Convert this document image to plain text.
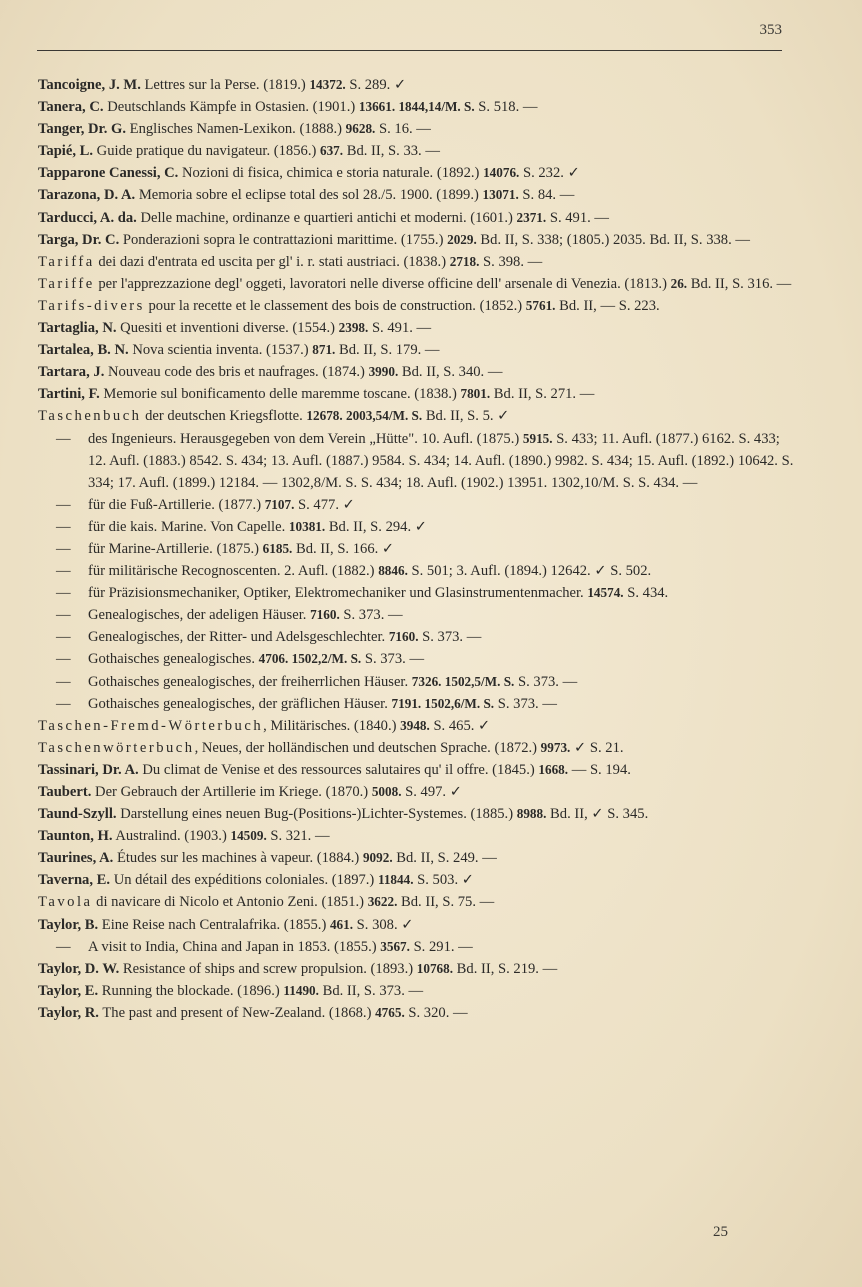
353

Tancoigne, J. M. Lettres sur la Perse. (1819.) 14372. S. 289. ✓

Tanera, C. Deutschlands Kämpfe in Ostasien. (1901.) 13661. 1844,14/M. S. S. 518. —

Tanger, Dr. G. Englisches Namen-Lexikon. (1888.) 9628. S. 16. —

Tapié, L. Guide pratique du navigateur. (1856.) 637. Bd. II, S. 33. —

Tapparone Canessi, C. Nozioni di fisica, chimica e storia naturale. (1892.) 14076. S. 232. ✓

Tarazona, D. A. Memoria sobre el eclipse total des sol 28./5. 1900. (1899.) 13071. S. 84. —

Tarducci, A. da. Delle machine, ordinanze e quartieri antichi et moderni. (1601.) 2371. S. 491. —

Targa, Dr. C. Ponderazioni sopra le contrattazioni marittime. (1755.) 2029. Bd. II, S. 338; (1805.) 2035. Bd. II, S. 338. —

Tariffa dei dazi d'entrata ed uscita per gl' i. r. stati austriaci. (1838.) 2718. S. 398. —

Tariffe per l'apprezzazione degl' oggeti, lavoratori nelle diverse officine dell' arsenale di Venezia. (1813.) 26. Bd. II, S. 316. —

Tarifs-divers pour la recette et le classement des bois de construction. (1852.) 5761. Bd. II, — S. 223.

Tartaglia, N. Quesiti et inventioni diverse. (1554.) 2398. S. 491. —

Tartalea, B. N. Nova scientia inventa. (1537.) 871. Bd. II, S. 179. —

Tartara, J. Nouveau code des bris et naufrages. (1874.) 3990. Bd. II, S. 340. —

Tartini, F. Memorie sul bonificamento delle maremme toscane. (1838.) 7801. Bd. II, S. 271. —

Taschenbuch der deutschen Kriegsflotte. 12678. 2003,54/M. S. Bd. II, S. 5. ✓

— des Ingenieurs. Herausgegeben von dem Verein „Hütte". 10. Aufl. (1875.) 5915. S. 433; 11. Aufl. (1877.) 6162. S. 433; 12. Aufl. (1883.) 8542. S. 434; 13. Aufl. (1887.) 9584. S. 434; 14. Aufl. (1890.) 9982. S. 434; 15. Aufl. (1892.) 10642. S. 334; 17. Aufl. (1899.) 12184. — 1302,8/M. S. S. 434; 18. Aufl. (1902.) 13951. 1302,10/M. S. S. 434. —

— für die Fuß-Artillerie. (1877.) 7107. S. 477. ✓

— für die kais. Marine. Von Capelle. 10381. Bd. II, S. 294. ✓

— für Marine-Artillerie. (1875.) 6185. Bd. II, S. 166. ✓

— für militärische Recognoscenten. 2. Aufl. (1882.) 8846. S. 501; 3. Aufl. (1894.) 12642. ✓ S. 502.

— für Präzisionsmechaniker, Optiker, Elektromechaniker und Glasinstrumentenmacher. 14574. S. 434.

— Genealogisches, der adeligen Häuser. 7160. S. 373. —

— Genealogisches, der Ritter- und Adelsgeschlechter. 7160. S. 373. —

— Gothaisches genealogisches. 4706. 1502,2/M. S. S. 373. —

— Gothaisches genealogisches, der freiherrlichen Häuser. 7326. 1502,5/M. S. S. 373. —

— Gothaisches genealogisches, der gräflichen Häuser. 7191. 1502,6/M. S. S. 373. —

Taschen-Fremd-Wörterbuch, Militärisches. (1840.) 3948. S. 465. ✓

Taschenwörterbuch, Neues, der holländischen und deutschen Sprache. (1872.) 9973. ✓ S. 21.

Tassinari, Dr. A. Du climat de Venise et des ressources salutaires qu' il offre. (1845.) 1668. — S. 194.

Taubert. Der Gebrauch der Artillerie im Kriege. (1870.) 5008. S. 497. ✓

Taund-Szyll. Darstellung eines neuen Bug-(Positions-)Lichter-Systemes. (1885.) 8988. Bd. II, ✓ S. 345.

Taunton, H. Australind. (1903.) 14509. S. 321. —

Taurines, A. Études sur les machines à vapeur. (1884.) 9092. Bd. II, S. 249. —

Taverna, E. Un détail des expéditions coloniales. (1897.) 11844. S. 503. ✓

Tavola di navicare di Nicolo et Antonio Zeni. (1851.) 3622. Bd. II, S. 75. —

Taylor, B. Eine Reise nach Centralafrika. (1855.) 461. S. 308. ✓

— A visit to India, China and Japan in 1853. (1855.) 3567. S. 291. —

Taylor, D. W. Resistance of ships and screw propulsion. (1893.) 10768. Bd. II, S. 219. —

Taylor, E. Running the blockade. (1896.) 11490. Bd. II, S. 373. —

Taylor, R. The past and present of New-Zealand. (1868.) 4765. S. 320. —

25
